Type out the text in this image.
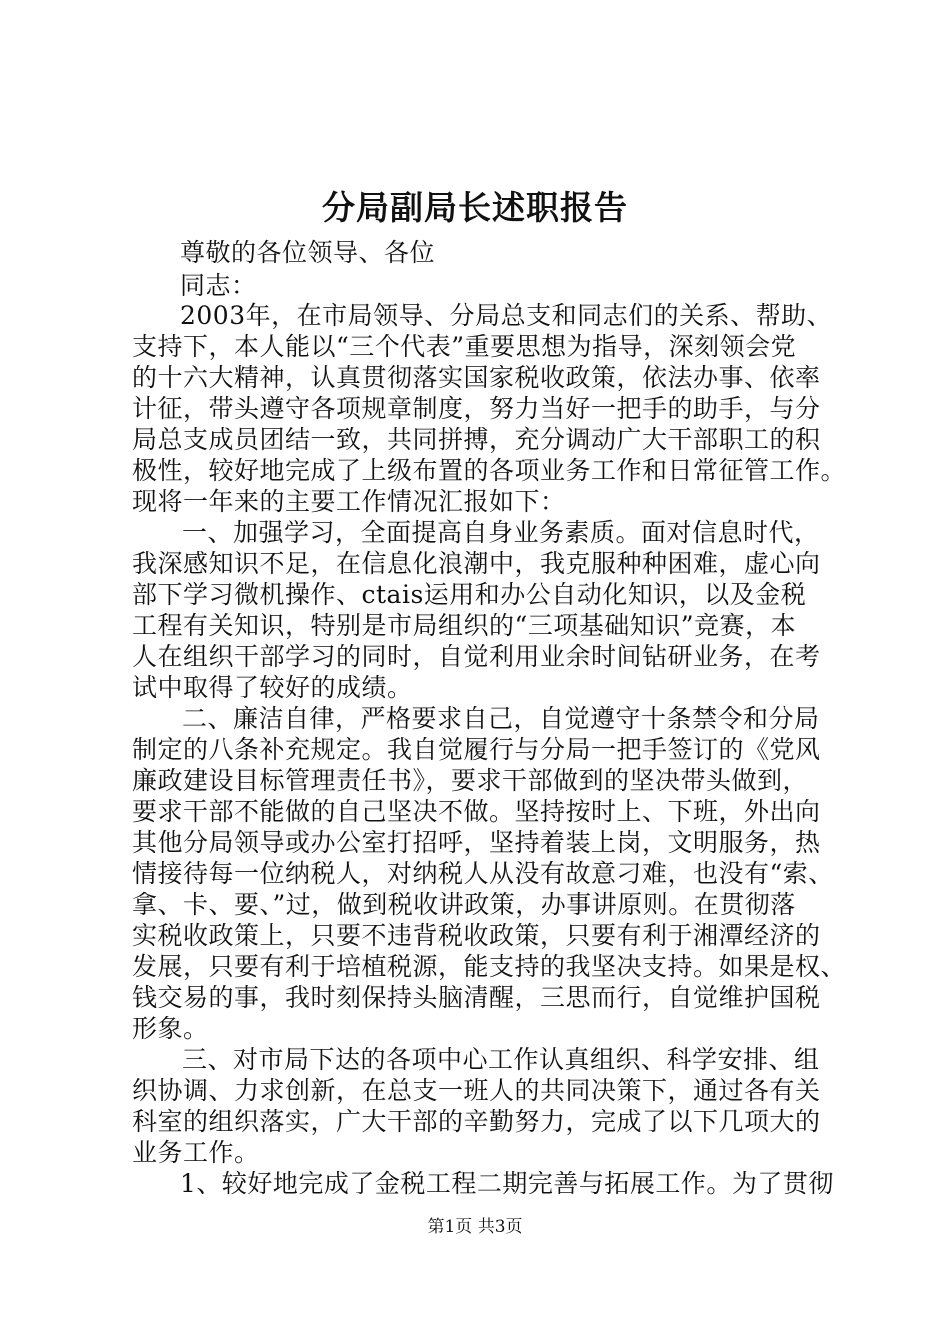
分局副局长述职报告
尊敬的各位领导、各位
同志：
2003年，在市局领导、分局总支和同志们的关系、帮助、
支持下，本人能以“三个代表”重要思想为指导，深刻领会党
的十六大精神，认真贯彻落实国家税收政策，依法办事、依率
计征，带头遵守各项规章制度，努力当好一把手的助手，与分
局总支成员团结一致，共同拼搏，充分调动广大干部职工的积
极性，较好地完成了上级布置的各项业务工作和日常征管工作。
现将一年来的主要工作情况汇报如下：
一、加强学习，全面提高自身业务素质。面对信息时代，
我深感知识不足，在信息化浪潮中，我克服种种困难，虚心向
部下学习微机操作、ctais运用和办公自动化知识，以及金税
工程有关知识，特别是市局组织的“三项基础知识”竞赛，本
人在组织干部学习的同时，自觉利用业余时间钻研业务，在考
试中取得了较好的成绩。
二、廉洁自律，严格要求自己，自觉遵守十条禁令和分局
制定的八条补充规定。我自觉履行与分局一把手签订的《党风
廉政建设目标管理责任书》，要求干部做到的坚决带头做到，
要求干部不能做的自己坚决不做。坚持按时上、下班，外出向
其他分局领导或办公室打招呼，坚持着装上岗，文明服务，热
情接待每一位纳税人，对纳税人从没有故意刁难，也没有“索、
拿、卡、要、”过，做到税收讲政策，办事讲原则。在贯彻落
实税收政策上，只要不违背税收政策，只要有利于湘潭经济的
发展，只要有利于培植税源，能支持的我坚决支持。如果是权、
钱交易的事，我时刻保持头脑清醒，三思而行，自觉维护国税
形象。
三、对市局下达的各项中心工作认真组织、科学安排、组
织协调、力求创新，在总支一班人的共同决策下，通过各有关
科室的组织落实，广大干部的辛勤努力，完成了以下几项大的
业务工作。
1、较好地完成了金税工程二期完善与拓展工作。为了贯彻
第1页 共3页
